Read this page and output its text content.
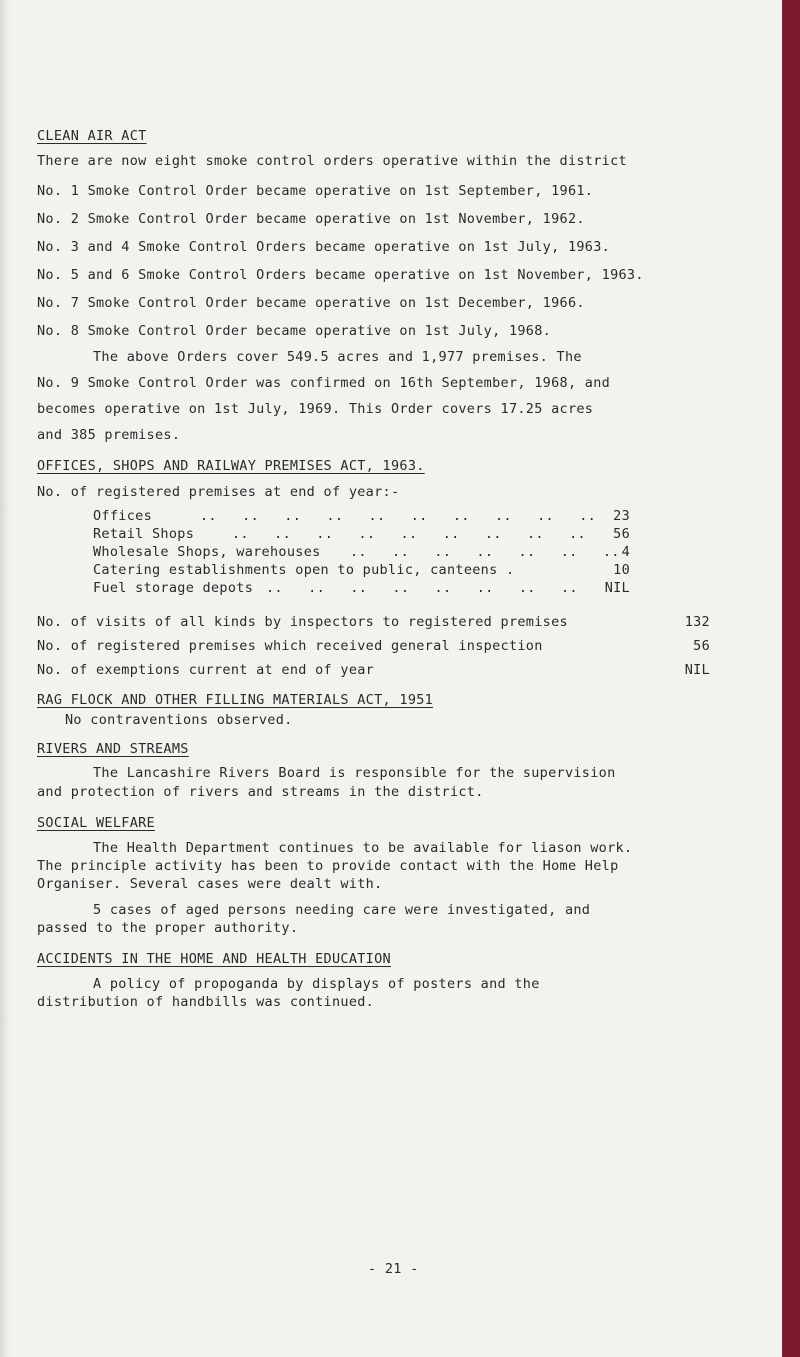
CLEAN AIR ACT
There are now eight smoke control orders operative within the district
No. 1 Smoke Control Order became operative on 1st September, 1961.
No. 2 Smoke Control Order became operative on 1st November, 1962.
No. 3 and 4 Smoke Control Orders became operative on 1st July, 1963.
No. 5 and 6 Smoke Control Orders became operative on 1st November, 1963.
No. 7 Smoke Control Order became operative on 1st December, 1966.
No. 8 Smoke Control Order became operative on 1st July, 1968.
The above Orders cover 549.5 acres and 1,977 premises. The
No. 9 Smoke Control Order was confirmed on 16th September, 1968, and
becomes operative on 1st July, 1969. This Order covers 17.25 acres
and 385 premises.
OFFICES, SHOPS AND RAILWAY PREMISES ACT, 1963.
No. of registered premises at end of year:-
Offices	..   ..   ..   ..   ..   ..   ..   ..   ..   ..	23
Retail Shops	..   ..   ..   ..   ..   ..   ..   ..   ..	56
Wholesale Shops, warehouses ..   ..   ..   ..   ..   ..   .. 4
Catering establishments open to public, canteens .	10
Fuel storage depots ..   ..   ..   ..   ..   ..   ..   ..	NIL
No. of visits of all kinds by inspectors to registered premises	132
No. of registered premises which received general inspection	56
No. of exemptions current at end of year	NIL
RAG FLOCK AND OTHER FILLING MATERIALS ACT, 1951
No contraventions observed.
RIVERS AND STREAMS
The Lancashire Rivers Board is responsible for the supervision
and protection of rivers and streams in the district.
SOCIAL WELFARE
The Health Department continues to be available for liason work.
The principle activity has been to provide contact with the Home Help
Organiser. Several cases were dealt with.
5 cases of aged persons needing care were investigated, and
passed to the proper authority.
ACCIDENTS IN THE HOME AND HEALTH EDUCATION
A policy of propoganda by displays of posters and the
distribution of handbills was continued.
- 21 -
